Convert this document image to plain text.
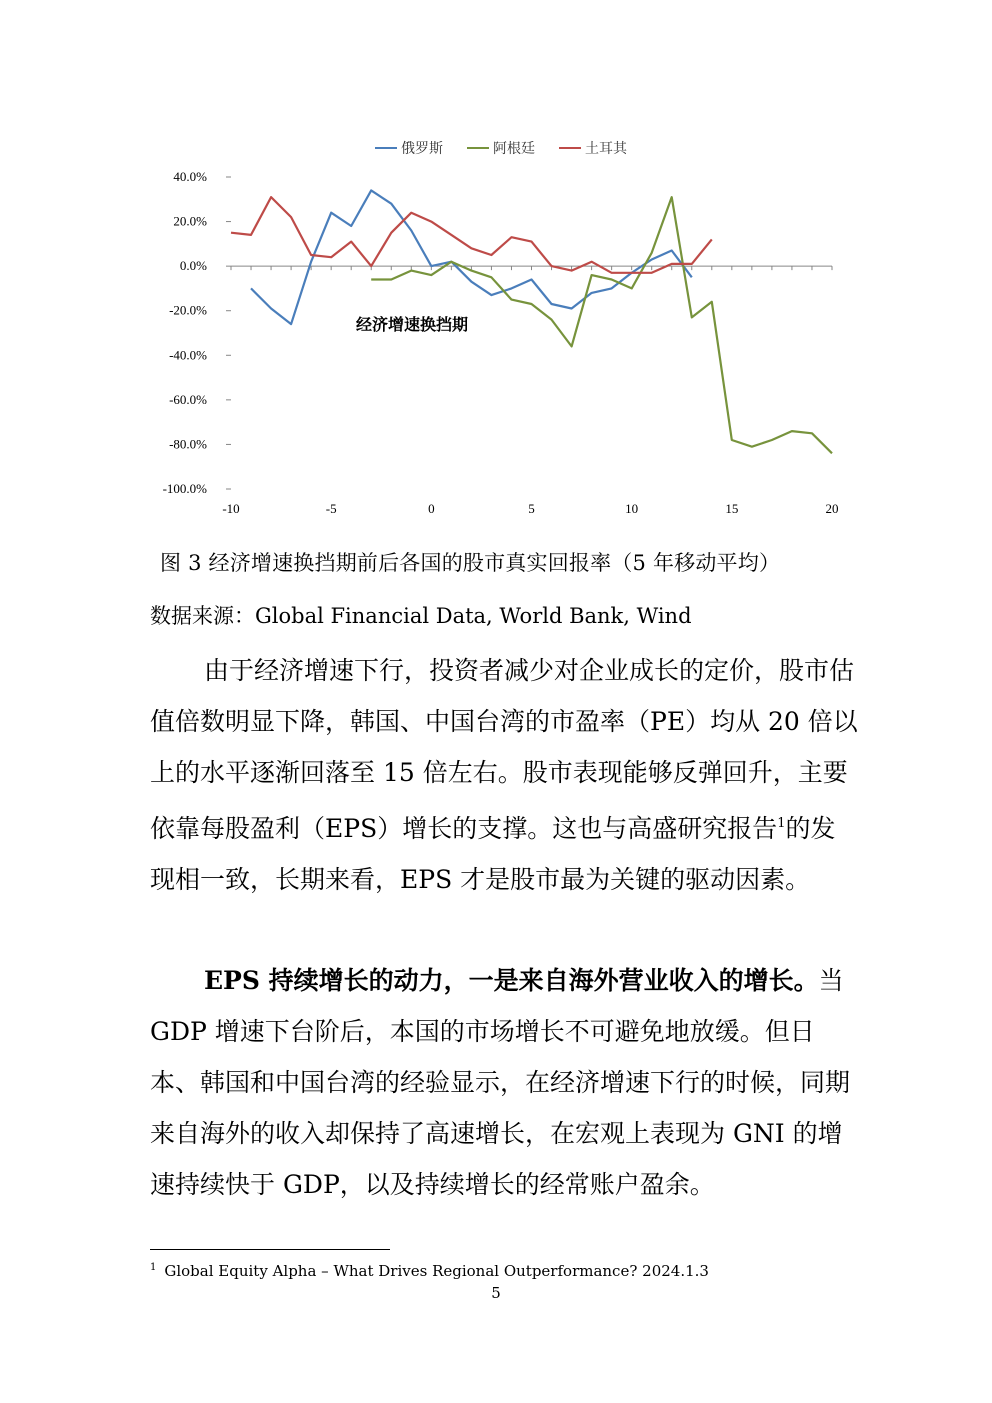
俄罗斯	阿根廷	土耳其
40.0%
20.0%
0.0%
-20.0%
-40.0%
-60.0%
-80.0%
-100.0%
-10	-5	0	5	10	15	20
经济增速换挡期
图 3 经济增速换挡期前后各国的股市真实回报率（5 年移动平均）
数据来源：Global Financial Data, World Bank, Wind

由于经济增速下行，投资者减少对企业成长的定价，股市估值倍数明显下降，韩国、中国台湾的市盈率（PE）均从 20 倍以上的水平逐渐回落至 15 倍左右。股市表现能够反弹回升，主要依靠每股盈利（EPS）增长的支撑。这也与高盛研究报告$^1$的发现相一致，长期来看，EPS 才是股市最为关键的驱动因素。

EPS 持续增长的动力，一是来自海外营业收入的增长。当 GDP 增速下台阶后，本国的市场增长不可避免地放缓。但日本、韩国和中国台湾的经验显示，在经济增速下行的时候，同期来自海外的收入却保持了高速增长，在宏观上表现为 GNI 的增速持续快于 GDP，以及持续增长的经常账户盈余。

$^1$ Global Equity Alpha – What Drives Regional Outperformance? 2024.1.3
5
